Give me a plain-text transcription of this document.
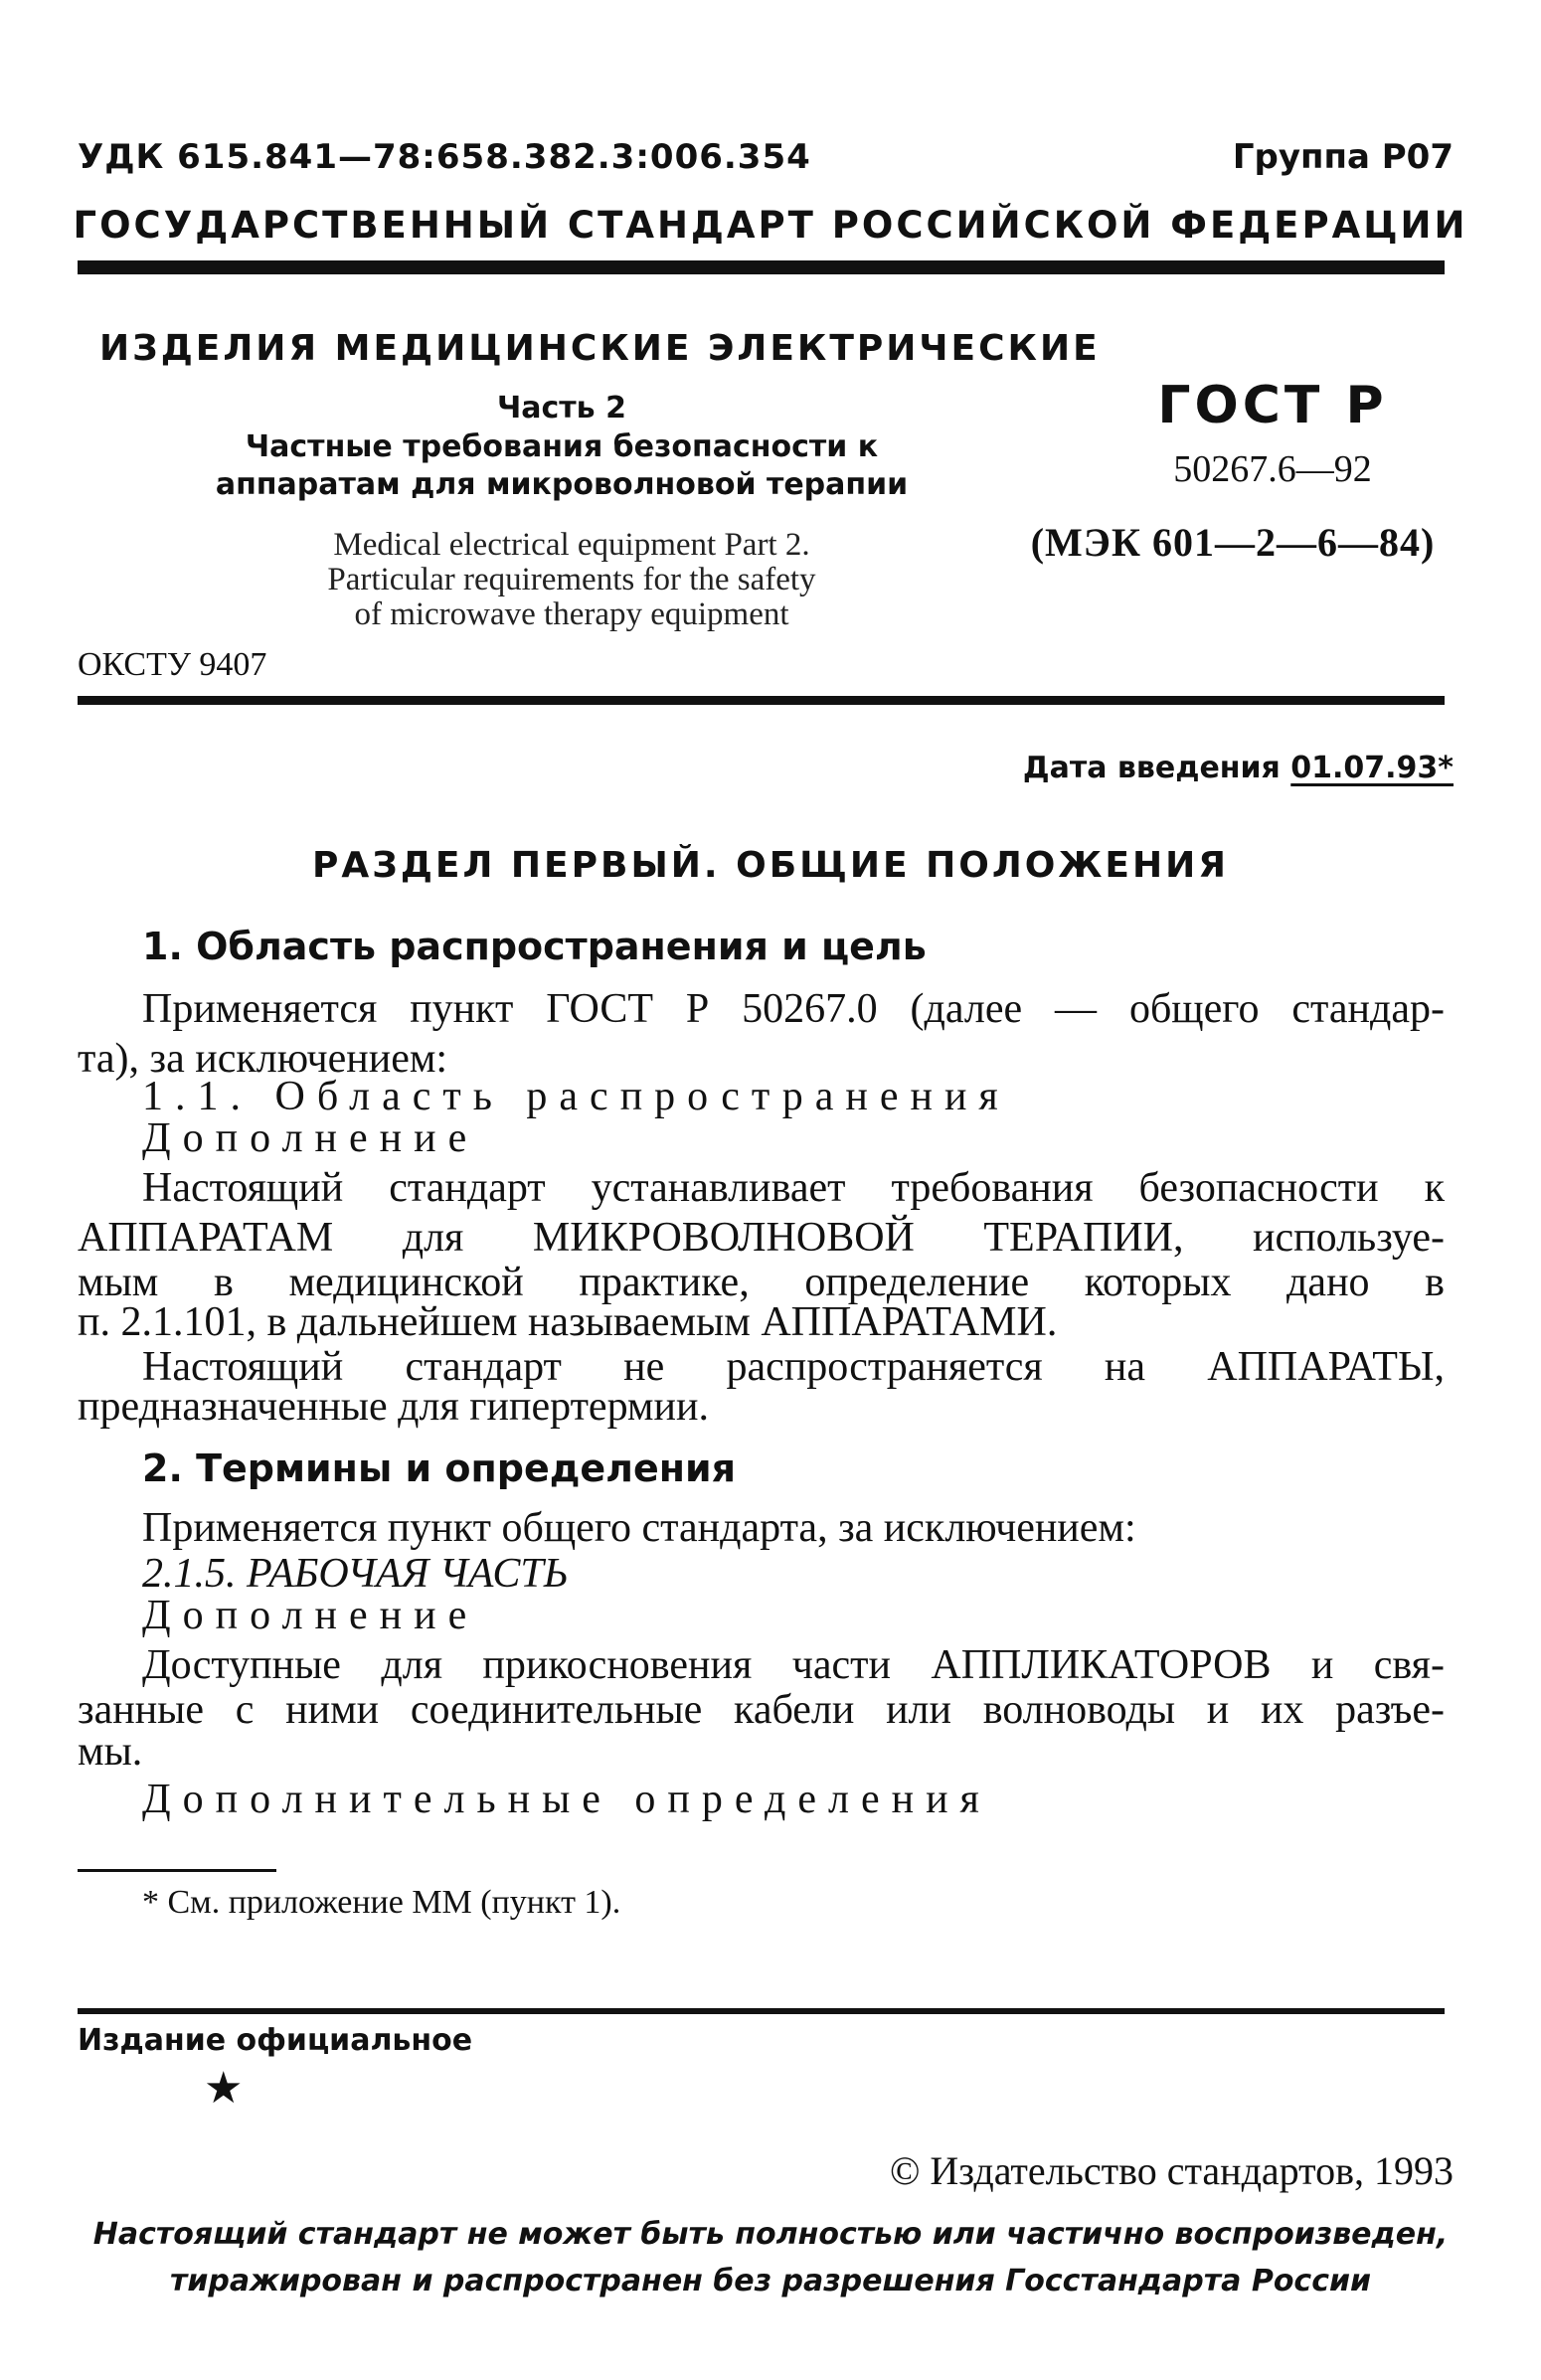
УДК 615.841—78:658.382.3:006.354	Группа Р07
ГОСУДАРСТВЕННЫЙ СТАНДАРТ РОССИЙСКОЙ ФЕДЕРАЦИИ
ИЗДЕЛИЯ МЕДИЦИНСКИЕ ЭЛЕКТРИЧЕСКИЕ
Часть 2
Частные требования безопасности к
аппаратам для микроволновой терапии
Medical electrical equipment Part 2.
Particular requirements for the safety
of microwave therapy equipment
ГОСТ Р
50267.6—92
(МЭК 601—2—6—84)
ОКСТУ 9407
Дата введения 01.07.93*
РАЗДЕЛ ПЕРВЫЙ. ОБЩИЕ ПОЛОЖЕНИЯ
1. Область распространения и цель
Применяется пункт ГОСТ Р 50267.0 (далее — общего стандар-
та), за исключением:
1.1. Область распространения
Дополнение
Настоящий стандарт устанавливает требования безопасности к
АППАРАТАМ для МИКРОВОЛНОВОЙ ТЕРАПИИ, используе-
мым в медицинской практике, определение которых дано в
п. 2.1.101, в дальнейшем называемым АППАРАТАМИ.
Настоящий стандарт не распространяется на АППАРАТЫ,
предназначенные для гипертермии.
2. Термины и определения
Применяется пункт общего стандарта, за исключением:
2.1.5. РАБОЧАЯ ЧАСТЬ
Дополнение
Доступные для прикосновения части АППЛИКАТОРОВ и свя-
занные с ними соединительные кабели или волноводы и их разъе-
мы.
Дополнительные определения
* См. приложение ММ (пункт 1).
Издание официальное
★
© Издательство стандартов, 1993
Настоящий стандарт не может быть полностью или частично воспроизведен,
тиражирован и распространен без разрешения Госстандарта России
